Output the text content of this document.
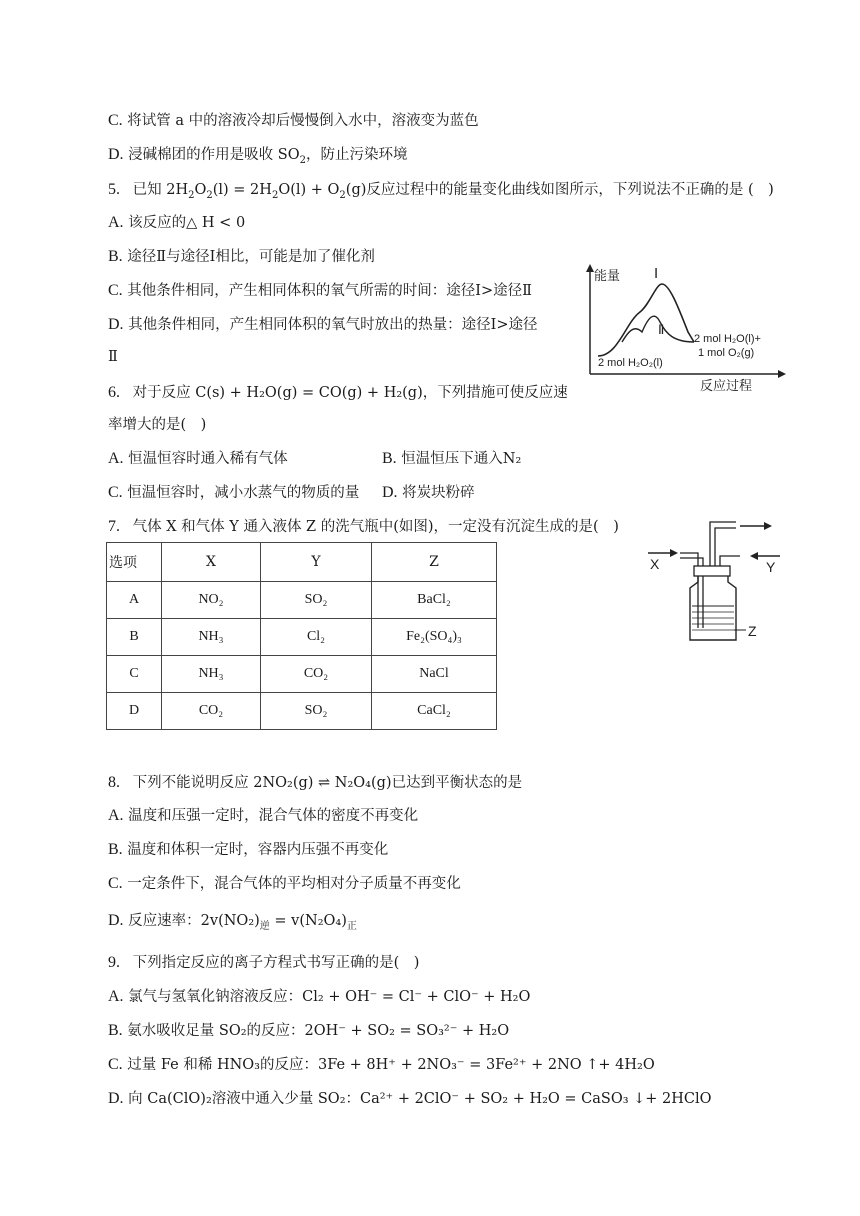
C. 将试管 a 中的溶液冷却后慢慢倒入水中，溶液变为蓝色
D. 浸碱棉团的作用是吸收 $SO_2$，防止污染环境
5. 已知 $2H_2O_2(l) = 2H_2O(l) + O_2(g)$反应过程中的能量变化曲线如图所示，下列说法不正确的是 (　)
A. 该反应的△ H < 0
B. 途径Ⅱ与途径Ⅰ相比，可能是加了催化剂
C. 其他条件相同，产生相同体积的氧气所需的时间：途径Ⅰ>途径Ⅱ
D. 其他条件相同，产生相同体积的氧气时放出的热量：途径Ⅰ>途径
Ⅱ
能量
反应过程
Ⅰ
Ⅱ
2 mol H₂O₂(l)
2 mol H₂O(l)+
1 mol O₂(g)
6. 对于反应 C(s) + H₂O(g) = CO(g) + H₂(g)，下列措施可使反应速
率增大的是(　)
A. 恒温恒容时通入稀有气体	B. 恒温恒压下通入N₂
C. 恒温恒容时，减小水蒸气的物质的量 D. 将炭块粉碎
7. 气体 X 和气体 Y 通入液体 Z 的洗气瓶中(如图)，一定没有沉淀生成的是(　)
选项	X	Y	Z
A	NO₂	SO₂	BaCl₂
B	NH₃	Cl₂	Fe₂(SO₄)₃
C	NH₃	CO₂	NaCl
D	CO₂	SO₂	CaCl₂
X	Y
Z
8. 下列不能说明反应 2NO₂(g) ⇌ N₂O₄(g)已达到平衡状态的是
A. 温度和压强一定时，混合气体的密度不再变化
B. 温度和体积一定时，容器内压强不再变化
C. 一定条件下，混合气体的平均相对分子质量不再变化
D. 反应速率：$2v(NO_2)_逆 = v(N_2O_4)_正$
9. 下列指定反应的离子方程式书写正确的是(　)
A. 氯气与氢氧化钠溶液反应：Cl₂ + OH⁻ = Cl⁻ + ClO⁻ + H₂O
B. 氨水吸收足量 SO₂的反应：2OH⁻ + SO₂ = SO₃²⁻ + H₂O
C. 过量 Fe 和稀 HNO₃的反应：3Fe + 8H⁺ + 2NO₃⁻ = 3Fe²⁺ + 2NO ↑+ 4H₂O
D. 向 Ca(ClO)₂溶液中通入少量 SO₂：Ca²⁺ + 2ClO⁻ + SO₂ + H₂O = CaSO₃ ↓+ 2HClO
